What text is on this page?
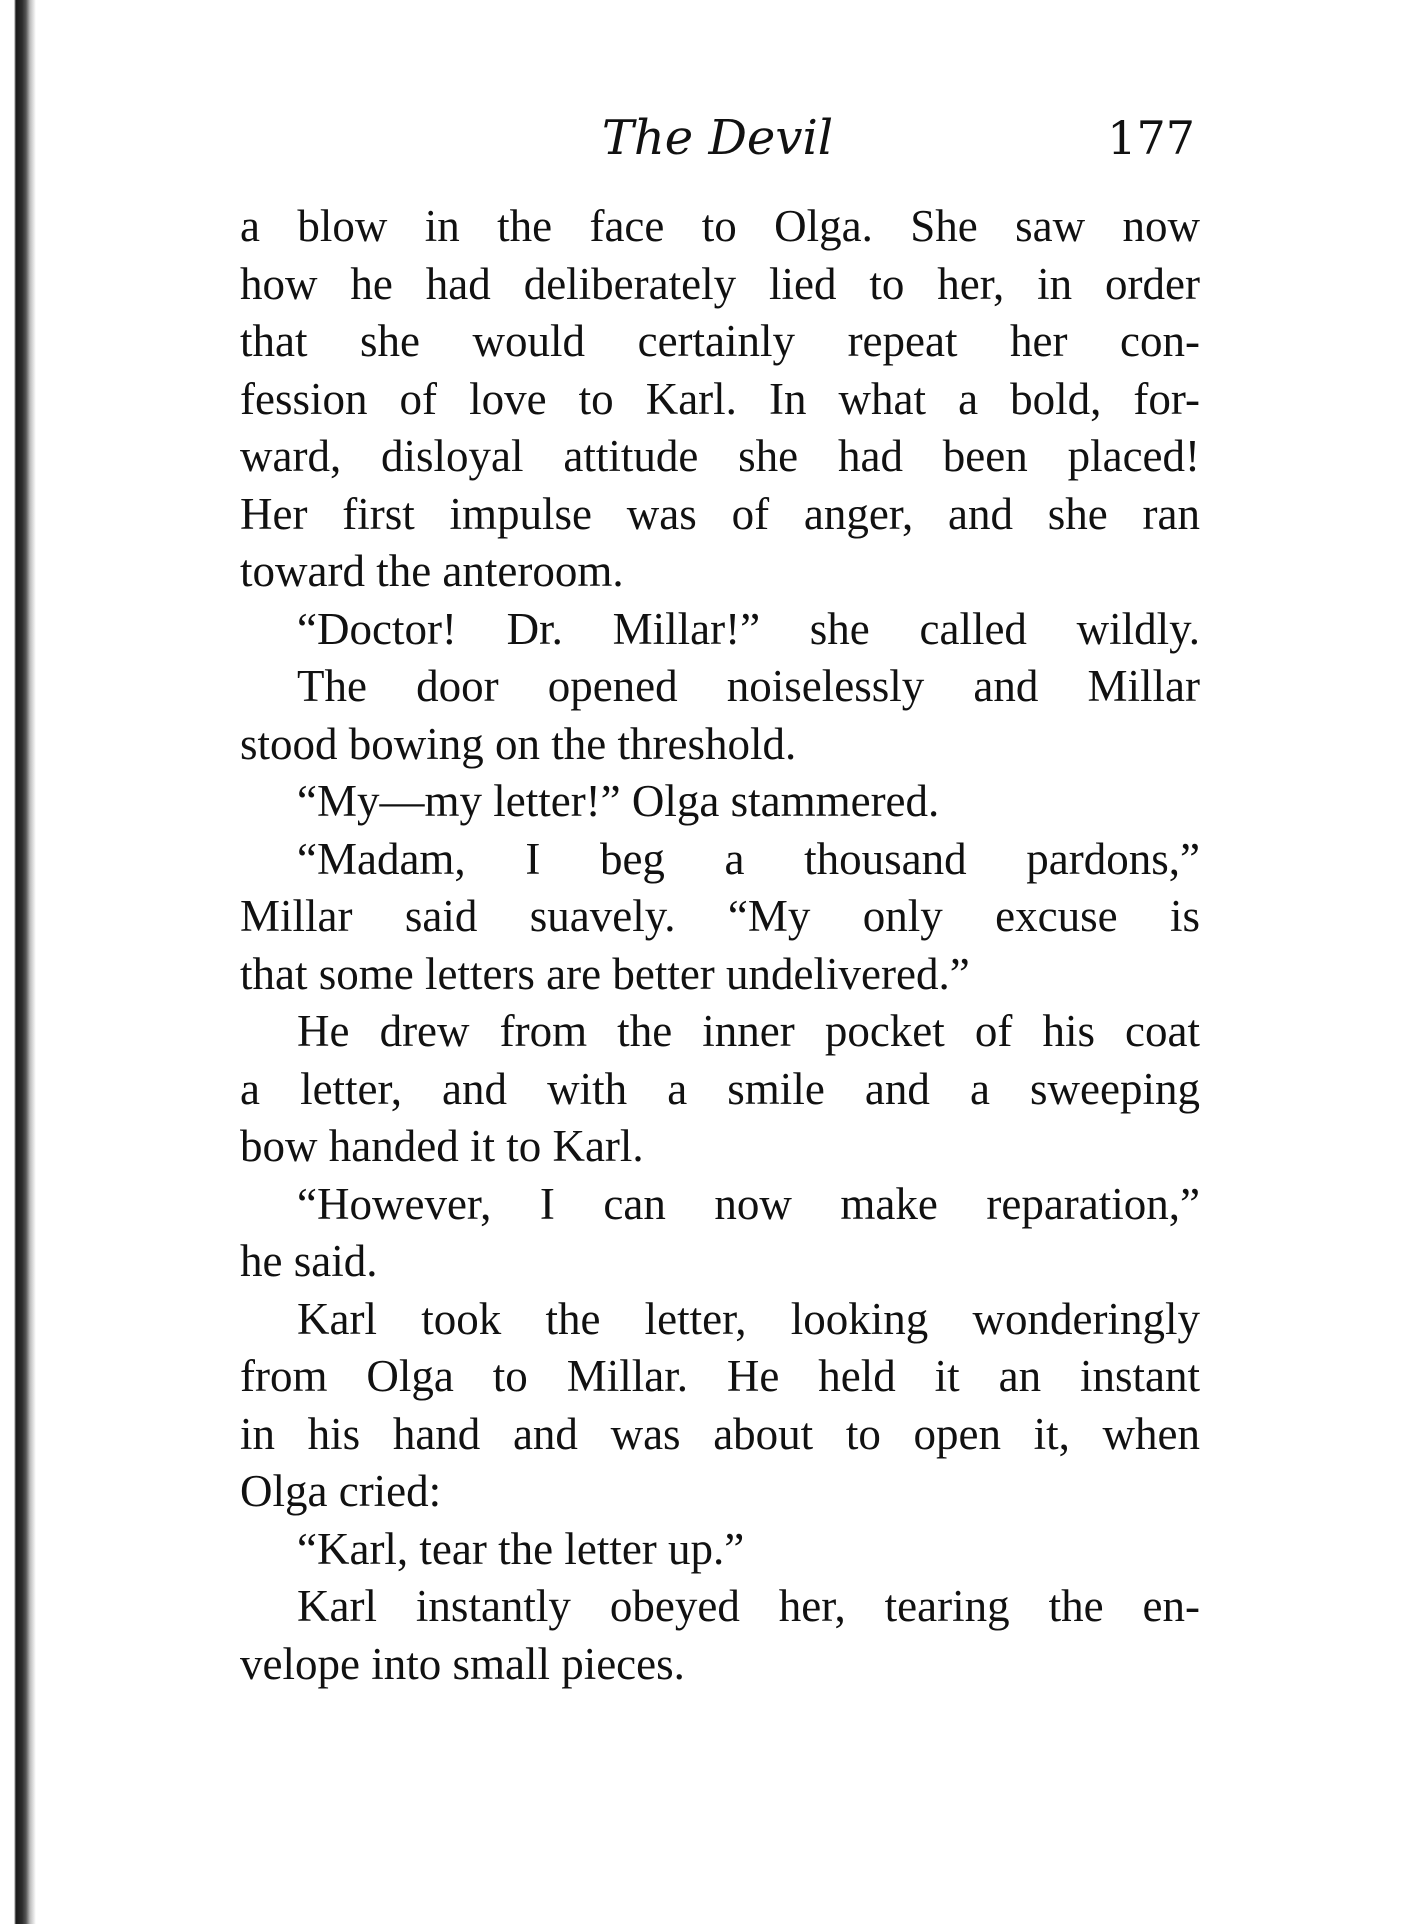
The Devil	177

a blow in the face to Olga. She saw now

how he had deliberately lied to her, in order

that she would certainly repeat her con-

fession of love to Karl. In what a bold, for-

ward, disloyal attitude she had been placed!

Her first impulse was of anger, and she ran

toward the anteroom.

“Doctor! Dr. Millar!” she called wildly.

The door opened noiselessly and Millar

stood bowing on the threshold.

“My—my letter!” Olga stammered.

“Madam, I beg a thousand pardons,”

Millar said suavely. “My only excuse is

that some letters are better undelivered.”

He drew from the inner pocket of his coat

a letter, and with a smile and a sweeping

bow handed it to Karl.

“However, I can now make reparation,”

he said.

Karl took the letter, looking wonderingly

from Olga to Millar. He held it an instant

in his hand and was about to open it, when

Olga cried:

“Karl, tear the letter up.”

Karl instantly obeyed her, tearing the en-

velope into small pieces.
